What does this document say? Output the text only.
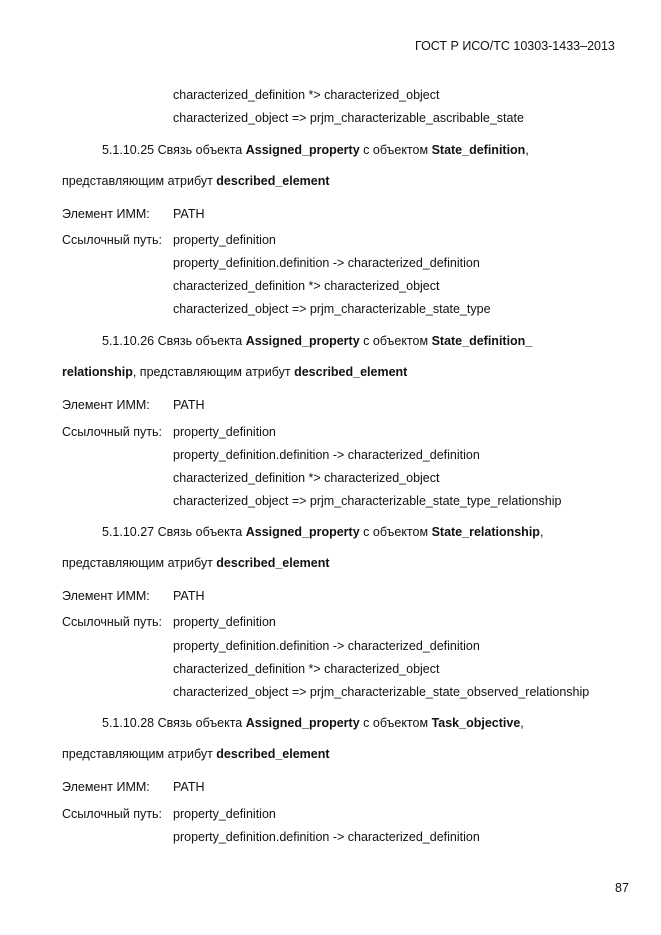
ГОСТ Р ИСО/ТС 10303-1433–2013
characterized_definition *> characterized_object
characterized_object => prjm_characterizable_ascribable_state
5.1.10.25 Связь объекта Assigned_property с объектом State_definition,
представляющим атрибут described_element
Элемент ИММ: PATH
Ссылочный путь: property_definition
property_definition.definition -> characterized_definition
characterized_definition *> characterized_object
characterized_object => prjm_characterizable_state_type
5.1.10.26 Связь объекта Assigned_property с объектом State_definition_
relationship, представляющим атрибут described_element
Элемент ИММ: PATH
Ссылочный путь: property_definition
property_definition.definition -> characterized_definition
characterized_definition *> characterized_object
characterized_object => prjm_characterizable_state_type_relationship
5.1.10.27 Связь объекта Assigned_property с объектом State_relationship,
представляющим атрибут described_element
Элемент ИММ: PATH
Ссылочный путь: property_definition
property_definition.definition -> characterized_definition
characterized_definition *> characterized_object
characterized_object => prjm_characterizable_state_observed_relationship
5.1.10.28 Связь объекта Assigned_property с объектом Task_objective,
представляющим атрибут described_element
Элемент ИММ: PATH
Ссылочный путь: property_definition
property_definition.definition -> characterized_definition
87
